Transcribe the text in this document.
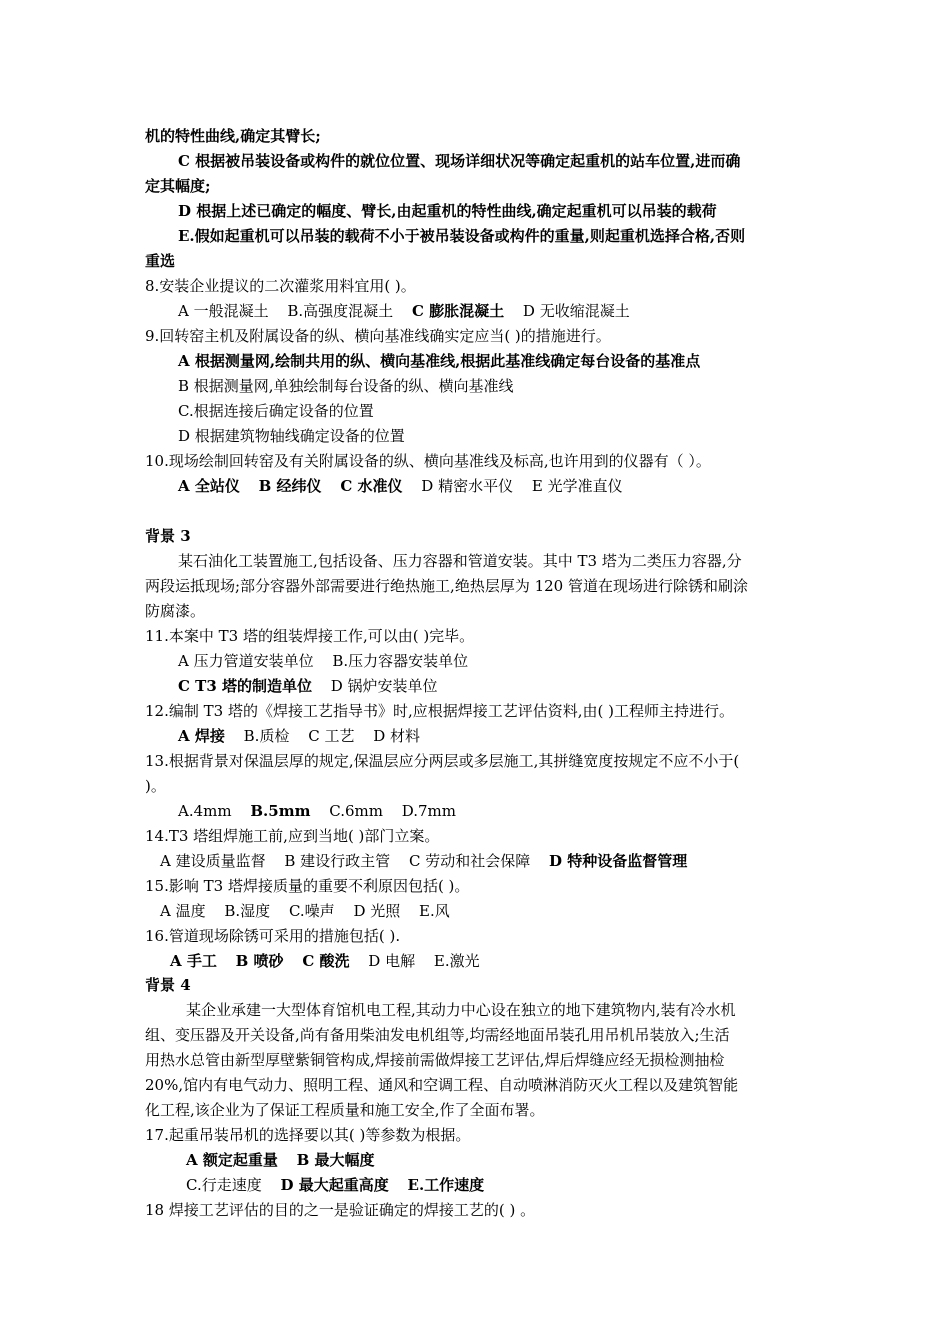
机的特性曲线,确定其臂长;
C 根据被吊装设备或构件的就位位置、现场详细状况等确定起重机的站车位置,进而确
定其幅度;
D 根据上述已确定的幅度、臂长,由起重机的特性曲线,确定起重机可以吊装的载荷
E.假如起重机可以吊装的载荷不小于被吊装设备或构件的重量,则起重机选择合格,否则
重选
8.安装企业提议的二次灌浆用料宜用( )。
A 一般混凝土 B.高强度混凝土 C 膨胀混凝土 D 无收缩混凝土
9.回转窑主机及附属设备的纵、横向基准线确实定应当( )的措施进行。
A 根据测量网,绘制共用的纵、横向基准线,根据此基准线确定每台设备的基准点
B 根据测量网,单独绘制每台设备的纵、横向基准线
C.根据连接后确定设备的位置
D 根据建筑物轴线确定设备的位置
10.现场绘制回转窑及有关附属设备的纵、横向基准线及标高,也许用到的仪器有（ ）。
A 全站仪 B 经纬仪 C 水准仪 D 精密水平仪 E 光学准直仪
背景 3
某石油化工装置施工,包括设备、压力容器和管道安装。其中 T3 塔为二类压力容器,分
两段运抵现场;部分容器外部需要进行绝热施工,绝热层厚为 120 管道在现场进行除锈和刷涂
防腐漆。
11.本案中 T3 塔的组装焊接工作,可以由( )完毕。
A 压力管道安装单位 B.压力容器安装单位
C T3 塔的制造单位 D 锅炉安装单位
12.编制 T3 塔的《焊接工艺指导书》时,应根据焊接工艺评估资料,由( )工程师主持进行。
A 焊接 B.质检 C 工艺 D 材料
13.根据背景对保温层厚的规定,保温层应分两层或多层施工,其拼缝宽度按规定不应不小于(
)。
A.4mm B.5mm C.6mm D.7mm
14.T3 塔组焊施工前,应到当地( )部门立案。
A 建设质量监督 B 建设行政主管 C 劳动和社会保障 D 特种设备监督管理
15.影响 T3 塔焊接质量的重要不利原因包括( )。
A 温度 B.湿度 C.噪声 D 光照 E.风
16.管道现场除锈可采用的措施包括( ).
A 手工 B 喷砂 C 酸洗 D 电解 E.激光
背景 4
某企业承建一大型体育馆机电工程,其动力中心设在独立的地下建筑物内,装有冷水机
组、变压器及开关设备,尚有备用柴油发电机组等,均需经地面吊装孔用吊机吊装放入;生活
用热水总管由新型厚壁紫铜管构成,焊接前需做焊接工艺评估,焊后焊缝应经无损检测抽检
20%,馆内有电气动力、照明工程、通风和空调工程、自动喷淋消防灭火工程以及建筑智能
化工程,该企业为了保证工程质量和施工安全,作了全面布署。
17.起重吊装吊机的选择要以其( )等参数为根据。
A 额定起重量 B 最大幅度
C.行走速度 D 最大起重高度 E.工作速度
18 焊接工艺评估的目的之一是验证确定的焊接工艺的( ) 。
